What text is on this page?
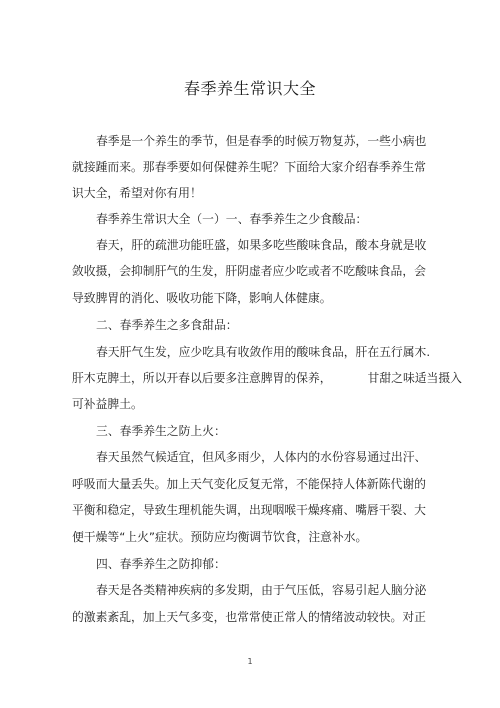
春季养生常识大全
春季是一个养生的季节，但是春季的时候万物复苏，一些小病也
就接踵而来。那春季要如何保健养生呢？下面给大家介绍春季养生常
识大全，希望对你有用！
春季养生常识大全（一）一、春季养生之少食酸品：
春天，肝的疏泄功能旺盛，如果多吃些酸味食品，酸本身就是收
敛收摄，会抑制肝气的生发，肝阴虚者应少吃或者不吃酸味食品，会
导致脾胃的消化、吸收功能下降，影响人体健康。
二、春季养生之多食甜品：
春天肝气生发，应少吃具有收敛作用的酸味食品，肝在五行属木.
肝木克脾土，所以开春以后要多注意脾胃的保养，	甘甜之味适当摄入
可补益脾土。
三、春季养生之防上火：
春天虽然气候适宜，但风多雨少，人体内的水份容易通过出汗、
呼吸而大量丢失。加上天气变化反复无常，不能保持人体新陈代谢的
平衡和稳定，导致生理机能失调，出现咽喉干燥疼痛、嘴唇干裂、大
便干燥等“上火”症状。预防应均衡调节饮食，注意补水。
四、春季养生之防抑郁：
春天是各类精神疾病的多发期，由于气压低，容易引起人脑分泌
的激素紊乱，加上天气多变，也常常使正常人的情绪波动较快。对正
1
